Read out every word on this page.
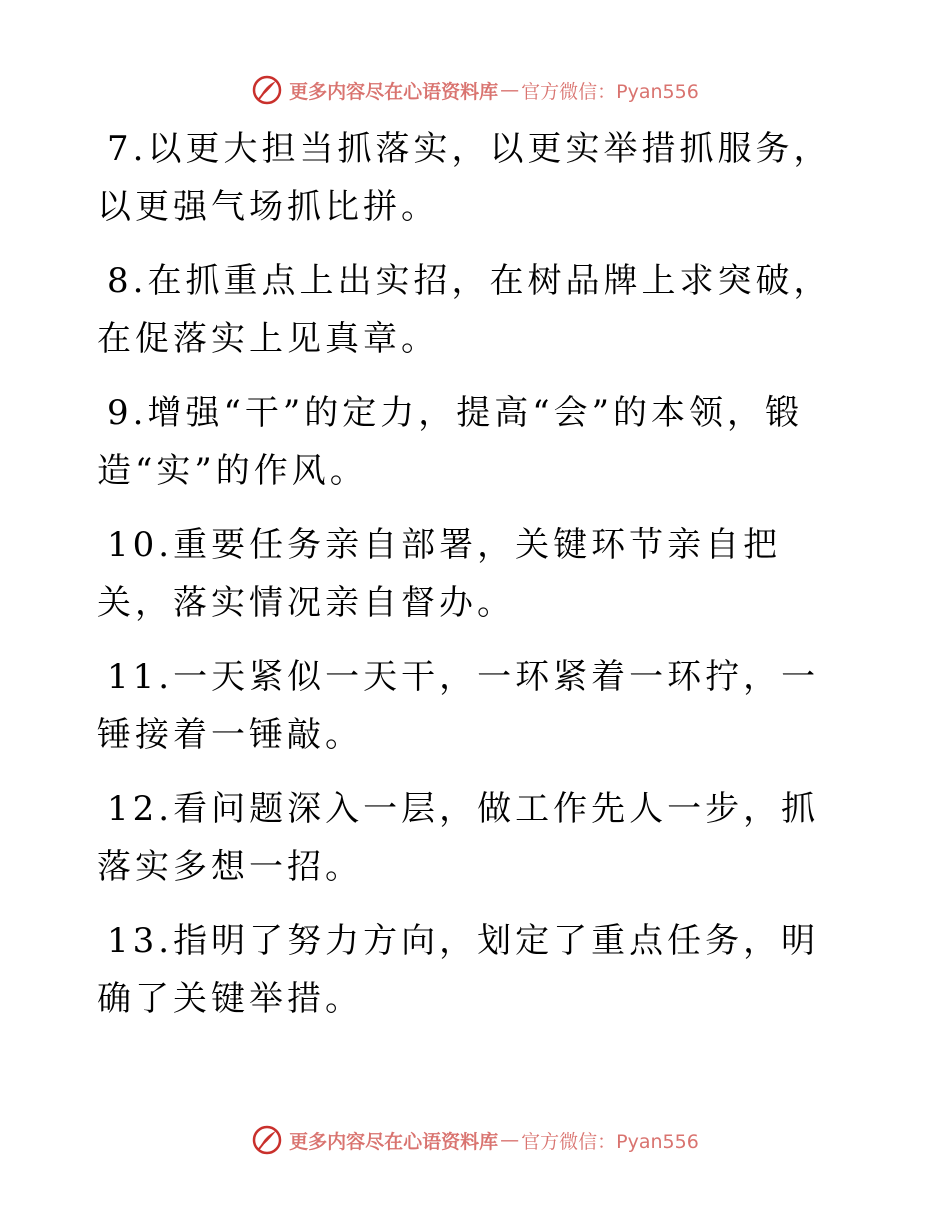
更多内容尽在心语资料库 — 官方微信：Pyan556

7.以更大担当抓落实，以更实举措抓服务，以更强气场抓比拼。

8.在抓重点上出实招，在树品牌上求突破，在促落实上见真章。

9.增强“干”的定力，提高“会”的本领，锻造“实”的作风。

10.重要任务亲自部署，关键环节亲自把关，落实情况亲自督办。

11.一天紧似一天干，一环紧着一环拧，一锤接着一锤敲。

12.看问题深入一层，做工作先人一步，抓落实多想一招。

13.指明了努力方向，划定了重点任务，明确了关键举措。

更多内容尽在心语资料库 — 官方微信：Pyan556
